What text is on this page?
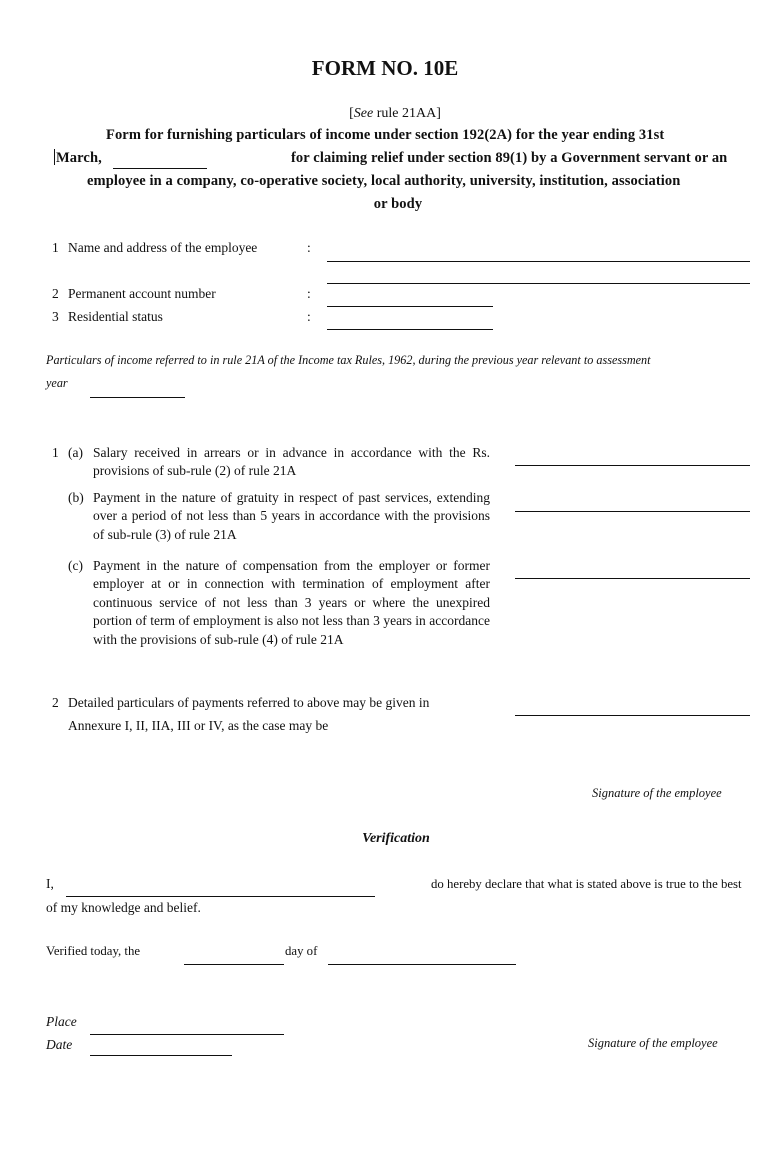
FORM NO. 10E
[See rule 21AA]
Form for furnishing particulars of income under section 192(2A) for the year ending 31st
March,	for claiming relief under section 89(1) by a Government servant or an
employee in a company, co-operative society, local authority, university, institution, association
or body
1 Name and address of the employee	:
2 Permanent account number	:
3 Residential status	:
Particulars of income referred to in rule 21A of the Income tax Rules, 1962, during the previous year relevant to assessment
year
1 (a) Salary received in arrears or in advance in accordance with the Rs. provisions of sub-rule (2) of rule 21A
(b) Payment in the nature of gratuity in respect of past services, extending over a period of not less than 5 years in accordance with the provisions of sub-rule (3) of rule 21A
(c) Payment in the nature of compensation from the employer or former employer at or in connection with termination of employment after continuous service of not less than 3 years or where the unexpired portion of term of employment is also not less than 3 years in accordance with the provisions of sub-rule (4) of rule 21A
2 Detailed particulars of payments referred to above may be given in
Annexure I, II, IIA, III or IV, as the case may be
Signature of the employee
Verification
I,	do hereby declare that what is stated above is true to the best
of my knowledge and belief.
Verified today, the	day of
Place
Date	Signature of the employee
